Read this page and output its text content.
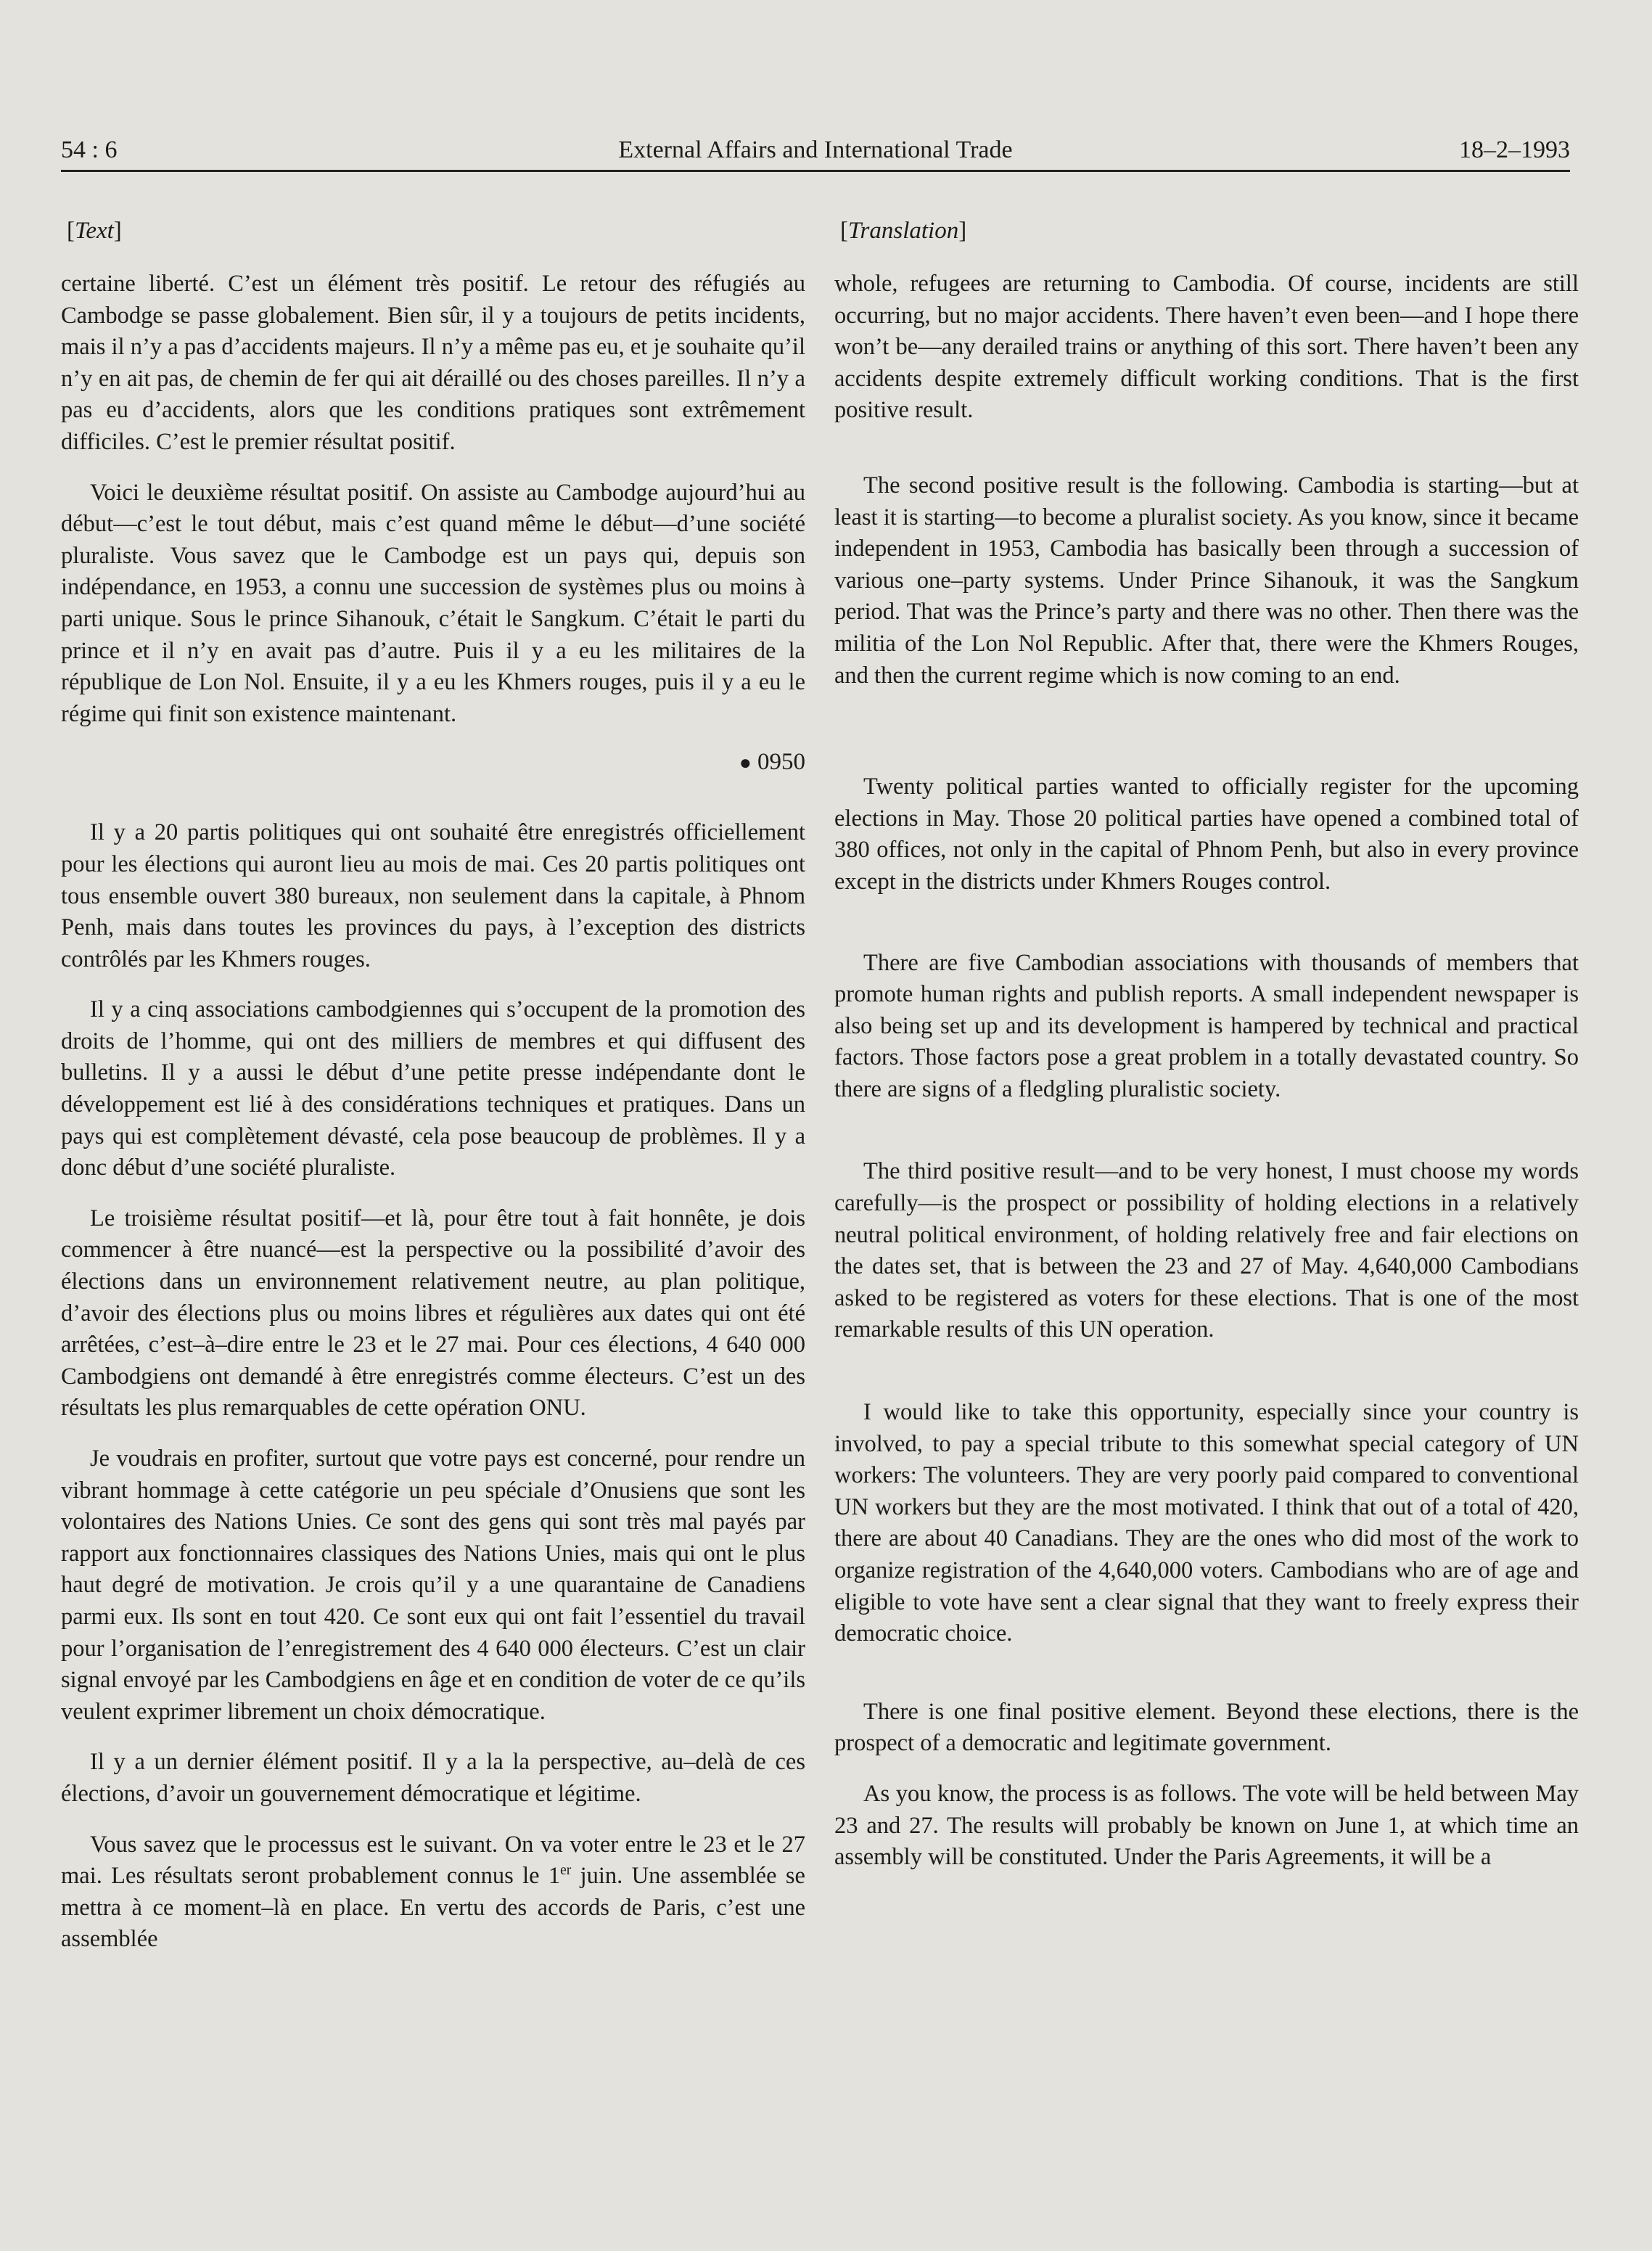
54 : 6	External Affairs and International Trade	18–2–1993
[Text]

certaine liberté. C’est un élément très positif. Le retour des réfugiés au Cambodge se passe globalement. Bien sûr, il y a toujours de petits incidents, mais il n’y a pas d’accidents majeurs. Il n’y a même pas eu, et je souhaite qu’il n’y en ait pas, de chemin de fer qui ait déraillé ou des choses pareilles. Il n’y a pas eu d’accidents, alors que les conditions pratiques sont extrêmement difficiles. C’est le premier résultat positif.

Voici le deuxième résultat positif. On assiste au Cambodge aujourd’hui au début—c’est le tout début, mais c’est quand même le début—d’une société pluraliste. Vous savez que le Cambodge est un pays qui, depuis son indépendance, en 1953, a connu une succession de systèmes plus ou moins à parti unique. Sous le prince Sihanouk, c’était le Sangkum. C’était le parti du prince et il n’y en avait pas d’autre. Puis il y a eu les militaires de la république de Lon Nol. Ensuite, il y a eu les Khmers rouges, puis il y a eu le régime qui finit son existence maintenant.

● 0950

Il y a 20 partis politiques qui ont souhaité être enregistrés officiellement pour les élections qui auront lieu au mois de mai. Ces 20 partis politiques ont tous ensemble ouvert 380 bureaux, non seulement dans la capitale, à Phnom Penh, mais dans toutes les provinces du pays, à l’exception des districts contrôlés par les Khmers rouges.

Il y a cinq associations cambodgiennes qui s’occupent de la promotion des droits de l’homme, qui ont des milliers de membres et qui diffusent des bulletins. Il y a aussi le début d’une petite presse indépendante dont le développement est lié à des considérations techniques et pratiques. Dans un pays qui est complètement dévasté, cela pose beaucoup de problèmes. Il y a donc début d’une société pluraliste.

Le troisième résultat positif—et là, pour être tout à fait honnête, je dois commencer à être nuancé—est la perspective ou la possibilité d’avoir des élections dans un environnement relativement neutre, au plan politique, d’avoir des élections plus ou moins libres et régulières aux dates qui ont été arrêtées, c’est–à–dire entre le 23 et le 27 mai. Pour ces élections, 4 640 000 Cambodgiens ont demandé à être enregistrés comme électeurs. C’est un des résultats les plus remarquables de cette opération ONU.

Je voudrais en profiter, surtout que votre pays est concerné, pour rendre un vibrant hommage à cette catégorie un peu spéciale d’Onusiens que sont les volontaires des Nations Unies. Ce sont des gens qui sont très mal payés par rapport aux fonctionnaires classiques des Nations Unies, mais qui ont le plus haut degré de motivation. Je crois qu’il y a une quarantaine de Canadiens parmi eux. Ils sont en tout 420. Ce sont eux qui ont fait l’essentiel du travail pour l’organisation de l’enregistrement des 4 640 000 électeurs. C’est un clair signal envoyé par les Cambodgiens en âge et en condition de voter de ce qu’ils veulent exprimer librement un choix démocratique.

Il y a un dernier élément positif. Il y a la la perspective, au–delà de ces élections, d’avoir un gouvernement démocratique et légitime.

Vous savez que le processus est le suivant. On va voter entre le 23 et le 27 mai. Les résultats seront probablement connus le 1er juin. Une assemblée se mettra à ce moment–là en place. En vertu des accords de Paris, c’est une assemblée

[Translation]

whole, refugees are returning to Cambodia. Of course, incidents are still occurring, but no major accidents. There haven’t even been—and I hope there won’t be—any derailed trains or anything of this sort. There haven’t been any accidents despite extremely difficult working conditions. That is the first positive result.

The second positive result is the following. Cambodia is starting—but at least it is starting—to become a pluralist society. As you know, since it became independent in 1953, Cambodia has basically been through a succession of various one–party systems. Under Prince Sihanouk, it was the Sangkum period. That was the Prince’s party and there was no other. Then there was the militia of the Lon Nol Republic. After that, there were the Khmers Rouges, and then the current regime which is now coming to an end.

Twenty political parties wanted to officially register for the upcoming elections in May. Those 20 political parties have opened a combined total of 380 offices, not only in the capital of Phnom Penh, but also in every province except in the districts under Khmers Rouges control.

There are five Cambodian associations with thousands of members that promote human rights and publish reports. A small independent newspaper is also being set up and its development is hampered by technical and practical factors. Those factors pose a great problem in a totally devastated country. So there are signs of a fledgling pluralistic society.

The third positive result—and to be very honest, I must choose my words carefully—is the prospect or possibility of holding elections in a relatively neutral political environment, of holding relatively free and fair elections on the dates set, that is between the 23 and 27 of May. 4,640,000 Cambodians asked to be registered as voters for these elections. That is one of the most remarkable results of this UN operation.

I would like to take this opportunity, especially since your country is involved, to pay a special tribute to this somewhat special category of UN workers: The volunteers. They are very poorly paid compared to conventional UN workers but they are the most motivated. I think that out of a total of 420, there are about 40 Canadians. They are the ones who did most of the work to organize registration of the 4,640,000 voters. Cambodians who are of age and eligible to vote have sent a clear signal that they want to freely express their democratic choice.

There is one final positive element. Beyond these elections, there is the prospect of a democratic and legitimate government.

As you know, the process is as follows. The vote will be held between May 23 and 27. The results will probably be known on June 1, at which time an assembly will be constituted. Under the Paris Agreements, it will be a
